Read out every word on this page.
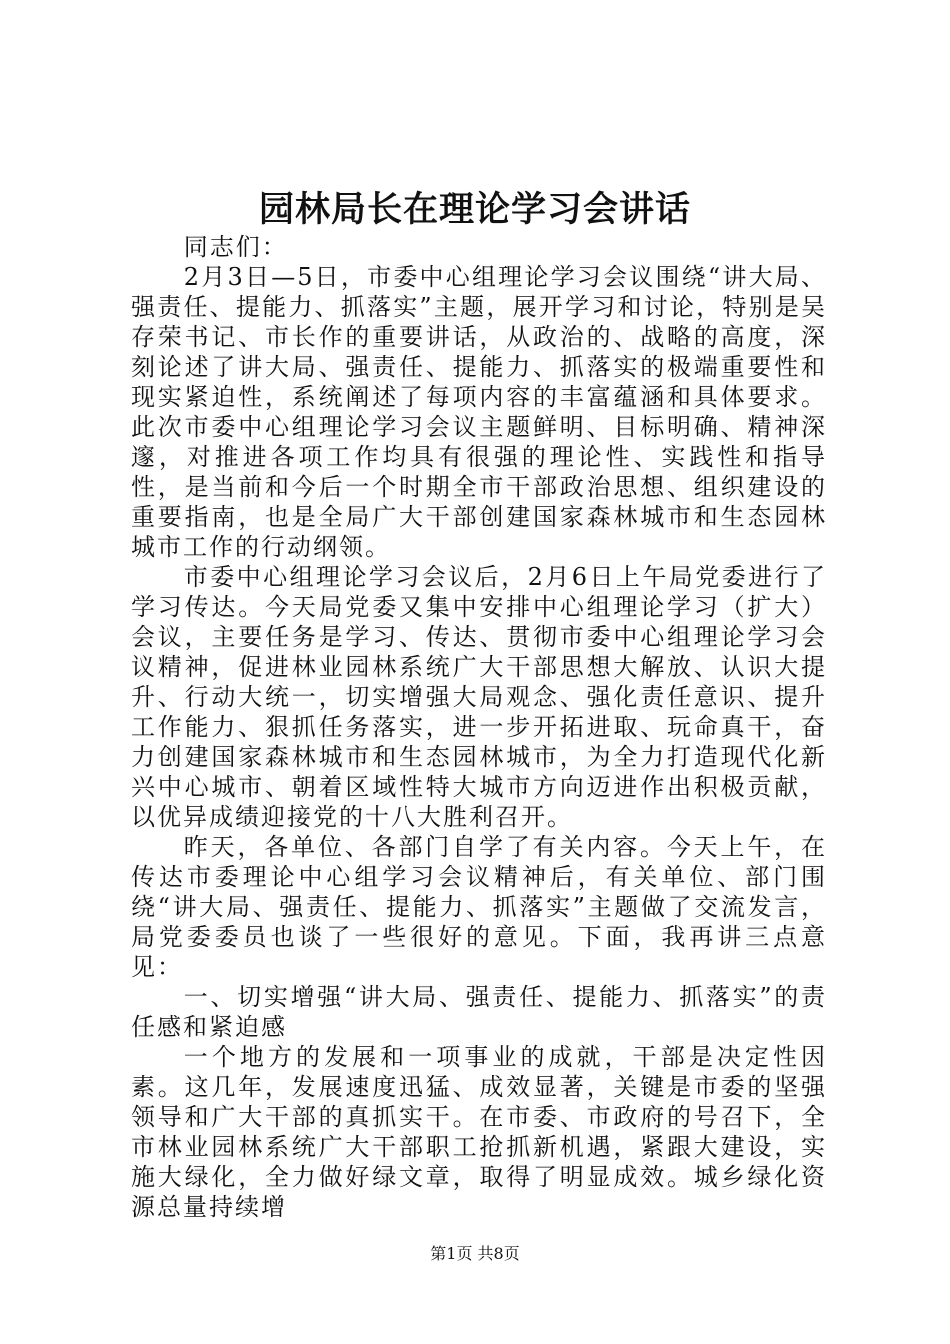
园林局长在理论学习会讲话

同志们：

2月3日—5日，市委中心组理论学习会议围绕“讲大局、强责任、提能力、抓落实”主题，展开学习和讨论，特别是吴存荣书记、市长作的重要讲话，从政治的、战略的高度，深刻论述了讲大局、强责任、提能力、抓落实的极端重要性和现实紧迫性，系统阐述了每项内容的丰富蕴涵和具体要求。此次市委中心组理论学习会议主题鲜明、目标明确、精神深邃，对推进各项工作均具有很强的理论性、实践性和指导性，是当前和今后一个时期全市干部政治思想、组织建设的重要指南，也是全局广大干部创建国家森林城市和生态园林城市工作的行动纲领。

市委中心组理论学习会议后，2月6日上午局党委进行了学习传达。今天局党委又集中安排中心组理论学习（扩大）会议，主要任务是学习、传达、贯彻市委中心组理论学习会议精神，促进林业园林系统广大干部思想大解放、认识大提升、行动大统一，切实增强大局观念、强化责任意识、提升工作能力、狠抓任务落实，进一步开拓进取、玩命真干，奋力创建国家森林城市和生态园林城市，为全力打造现代化新兴中心城市、朝着区域性特大城市方向迈进作出积极贡献，以优异成绩迎接党的十八大胜利召开。

昨天，各单位、各部门自学了有关内容。今天上午，在传达市委理论中心组学习会议精神后，有关单位、部门围绕“讲大局、强责任、提能力、抓落实”主题做了交流发言，局党委委员也谈了一些很好的意见。下面，我再讲三点意见：

一、切实增强“讲大局、强责任、提能力、抓落实”的责任感和紧迫感

一个地方的发展和一项事业的成就，干部是决定性因素。这几年，发展速度迅猛、成效显著，关键是市委的坚强领导和广大干部的真抓实干。在市委、市政府的号召下，全市林业园林系统广大干部职工抢抓新机遇，紧跟大建设，实施大绿化，全力做好绿文章，取得了明显成效。城乡绿化资源总量持续增

第1页 共8页
